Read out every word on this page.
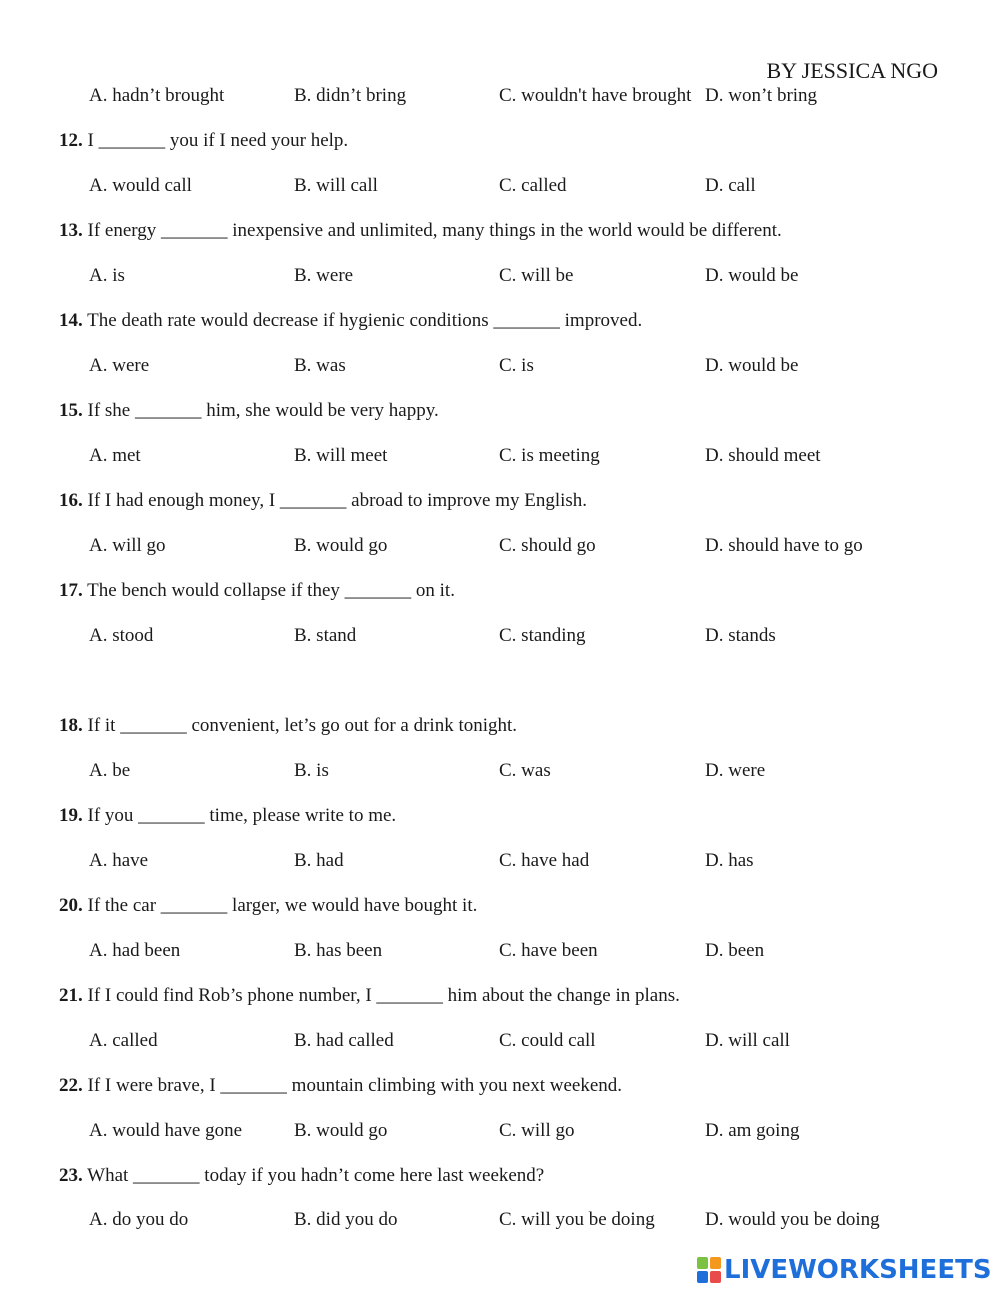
BY JESSICA NGO
A. hadn’t brought	B. didn’t bring	C. wouldn't have brought D. won’t bring
12. I _______ you if I need your help.
A. would call	B. will call	C. called	D. call
13. If energy _______ inexpensive and unlimited, many things in the world would be different.
A. is	B. were	C. will be	D. would be
14. The death rate would decrease if hygienic conditions _______ improved.
A. were	B. was	C. is	D. would be
15. If she _______ him, she would be very happy.
A. met	B. will meet	C. is meeting	D. should meet
16. If I had enough money, I _______ abroad to improve my English.
A. will go	B. would go	C. should go	D. should have to go
17. The bench would collapse if they _______ on it.
A. stood	B. stand	C. standing	D. stands
18. If it _______ convenient, let’s go out for a drink tonight.
A. be	B. is	C. was	D. were
19. If you _______ time, please write to me.
A. have	B. had	C. have had	D. has
20. If the car _______ larger, we would have bought it.
A. had been	B. has been	C. have been	D. been
21. If I could find Rob’s phone number, I _______ him about the change in plans.
A. called	B. had called	C. could call	D. will call
22. If I were brave, I _______ mountain climbing with you next weekend.
A. would have gone	B. would go	C. will go	D. am going
23. What _______ today if you hadn’t come here last weekend?
A. do you do	B. did you do	C. will you be doing	D. would you be doing
LIVEWORKSHEETS
